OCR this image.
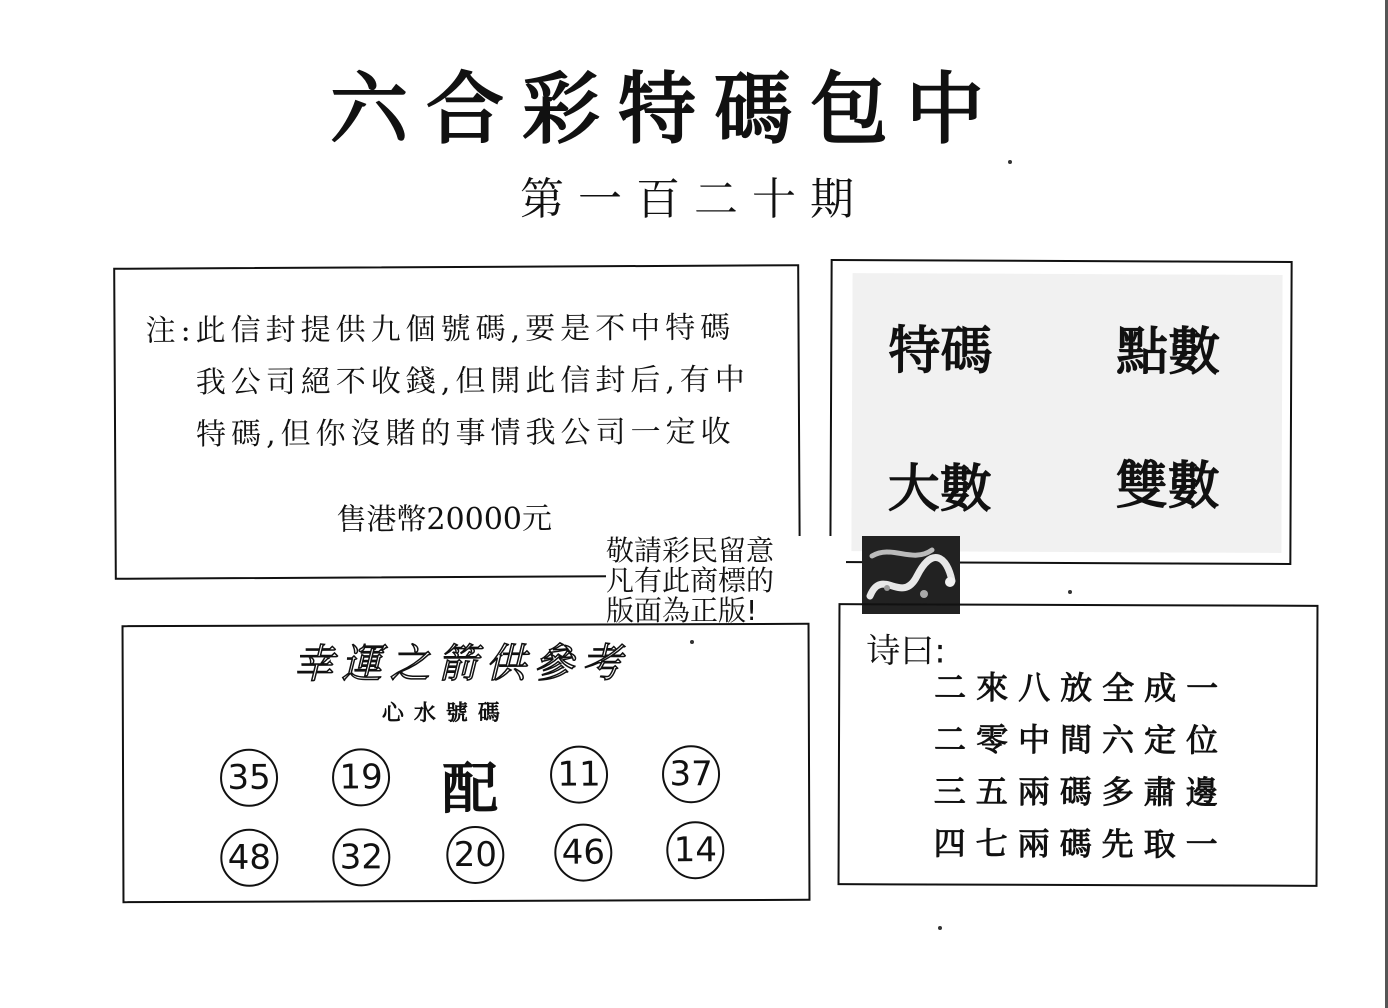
六合彩特碼包中
第一百二十期
注:此信封提供九個號碼,要是不中特碼
我公司絕不收錢,但開此信封后,有中
特碼,但你沒賭的事情我公司一定收
售港幣20000元
特碼 點數
大數 雙數
敬請彩民留意
凡有此商標的
版面為正版!
幸運之箭供參考
心水號碼
35 19 配 11 37
48 32 20 46 14
诗曰:
二來八放全成一
二零中間六定位
三五兩碼多肅邊
四七兩碼先取一
